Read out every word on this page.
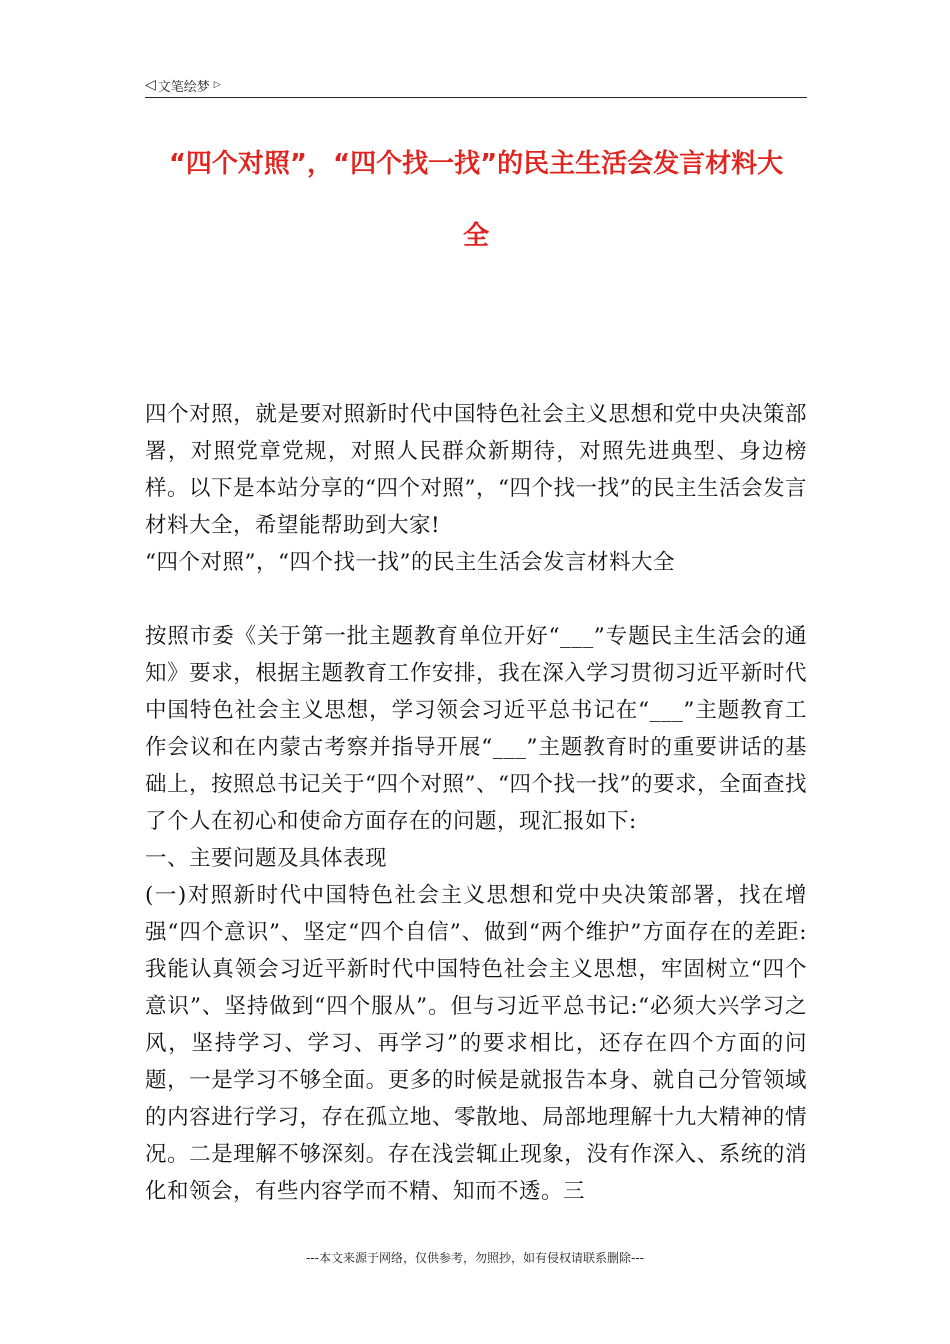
◁ 文笔绘梦 ▷
“四个对照”，“四个找一找”的民主生活会发言材料大
全

四个对照，就是要对照新时代中国特色社会主义思想和党中央决策部署，对照党章党规，对照人民群众新期待，对照先进典型、身边榜样。以下是本站分享的“四个对照”，“四个找一找”的民主生活会发言材料大全，希望能帮助到大家!

“四个对照”，“四个找一找”的民主生活会发言材料大全

按照市委《关于第一批主题教育单位开好“___”专题民主生活会的通知》要求，根据主题教育工作安排，我在深入学习贯彻习近平新时代中国特色社会主义思想，学习领会习近平总书记在“___”主题教育工作会议和在内蒙古考察并指导开展“___”主题教育时的重要讲话的基础上，按照总书记关于“四个对照”、“四个找一找”的要求，全面查找了个人在初心和使命方面存在的问题，现汇报如下:

一、主要问题及具体表现

(一)对照新时代中国特色社会主义思想和党中央决策部署，找在增强“四个意识”、坚定“四个自信”、做到“两个维护”方面存在的差距:我能认真领会习近平新时代中国特色社会主义思想，牢固树立“四个意识”、坚持做到“四个服从”。但与习近平总书记:“必须大兴学习之风，坚持学习、学习、再学习”的要求相比，还存在四个方面的问题，一是学习不够全面。更多的时候是就报告本身、就自己分管领域的内容进行学习，存在孤立地、零散地、局部地理解十九大精神的情况。二是理解不够深刻。存在浅尝辄止现象，没有作深入、系统的消化和领会，有些内容学而不精、知而不透。三

---本文来源于网络，仅供参考，勿照抄，如有侵权请联系删除---
